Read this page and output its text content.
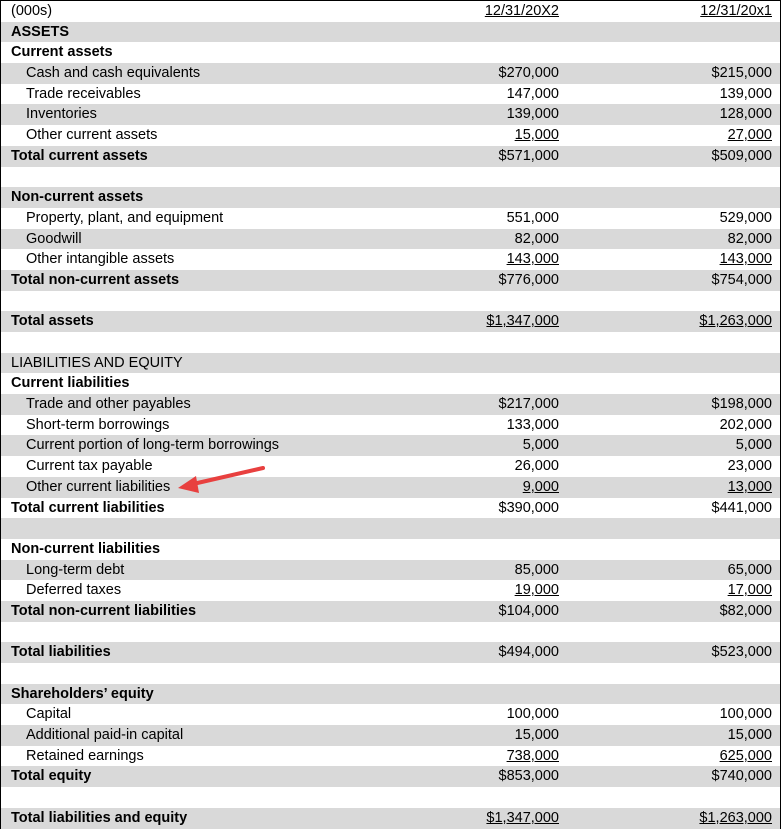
(000s)	12/31/20X2	12/31/20x1
ASSETS
Current assets
Cash and cash equivalents	$270,000	$215,000
Trade receivables	147,000	139,000
Inventories	139,000	128,000
Other current assets	15,000	27,000
Total current assets	$571,000	$509,000
Non-current assets
Property, plant, and equipment	551,000	529,000
Goodwill	82,000	82,000
Other intangible assets	143,000	143,000
Total non-current assets	$776,000	$754,000
Total assets	$1,347,000	$1,263,000
LIABILITIES AND EQUITY
Current liabilities
Trade and other payables	$217,000	$198,000
Short-term borrowings	133,000	202,000
Current portion of long-term borrowings	5,000	5,000
Current tax payable	26,000	23,000
Other current liabilities	9,000	13,000
Total current liabilities	$390,000	$441,000
Non-current liabilities
Long-term debt	85,000	65,000
Deferred taxes	19,000	17,000
Total non-current liabilities	$104,000	$82,000
Total liabilities	$494,000	$523,000
Shareholders’ equity
Capital	100,000	100,000
Additional paid-in capital	15,000	15,000
Retained earnings	738,000	625,000
Total equity	$853,000	$740,000
Total liabilities and equity	$1,347,000	$1,263,000
